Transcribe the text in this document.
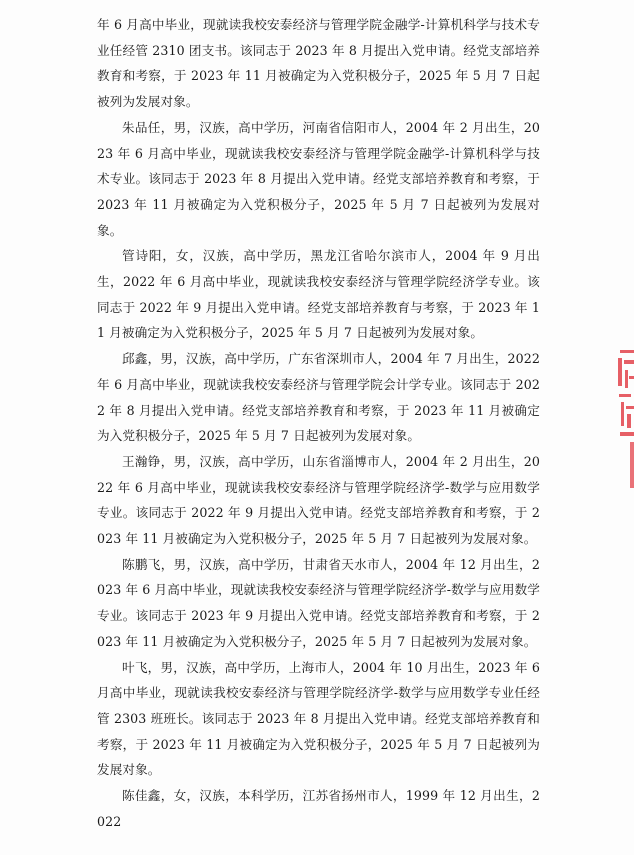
年 6 月高中毕业，现就读我校安泰经济与管理学院金融学-计算机科学与技术专业任经管 2310 团支书。该同志于 2023 年 8 月提出入党申请。经党支部培养教育和考察，于 2023 年 11 月被确定为入党积极分子，2025 年 5 月 7 日起被列为发展对象。

朱品任，男，汉族，高中学历，河南省信阳市人，2004 年 2 月出生，2023 年 6 月高中毕业，现就读我校安泰经济与管理学院金融学-计算机科学与技术专业。该同志于 2023 年 8 月提出入党申请。经党支部培养教育和考察，于 2023 年 11 月被确定为入党积极分子，2025 年 5 月 7 日起被列为发展对象。

管诗阳，女，汉族，高中学历，黑龙江省哈尔滨市人，2004 年 9 月出生，2022 年 6 月高中毕业，现就读我校安泰经济与管理学院经济学专业。该同志于 2022 年 9 月提出入党申请。经党支部培养教育与考察，于 2023 年 11 月被确定为入党积极分子，2025 年 5 月 7 日起被列为发展对象。

邱鑫，男，汉族，高中学历，广东省深圳市人，2004 年 7 月出生，2022 年 6 月高中毕业，现就读我校安泰经济与管理学院会计学专业。该同志于 2022 年 8 月提出入党申请。经党支部培养教育和考察，于 2023 年 11 月被确定为入党积极分子，2025 年 5 月 7 日起被列为发展对象。

王瀚铮，男，汉族，高中学历，山东省淄博市人，2004 年 2 月出生，2022 年 6 月高中毕业，现就读我校安泰经济与管理学院经济学-数学与应用数学专业。该同志于 2022 年 9 月提出入党申请。经党支部培养教育和考察，于 2023 年 11 月被确定为入党积极分子，2025 年 5 月 7 日起被列为发展对象。

陈鹏飞，男，汉族，高中学历，甘肃省天水市人，2004 年 12 月出生，2023 年 6 月高中毕业，现就读我校安泰经济与管理学院经济学-数学与应用数学专业。该同志于 2023 年 9 月提出入党申请。经党支部培养教育和考察，于 2023 年 11 月被确定为入党积极分子，2025 年 5 月 7 日起被列为发展对象。

叶飞，男，汉族，高中学历，上海市人，2004 年 10 月出生，2023 年 6 月高中毕业，现就读我校安泰经济与管理学院经济学-数学与应用数学专业任经管 2303 班班长。该同志于 2023 年 8 月提出入党申请。经党支部培养教育和考察，于 2023 年 11 月被确定为入党积极分子，2025 年 5 月 7 日起被列为发展对象。

陈佳鑫，女，汉族，本科学历，江苏省扬州市人，1999 年 12 月出生，2022
